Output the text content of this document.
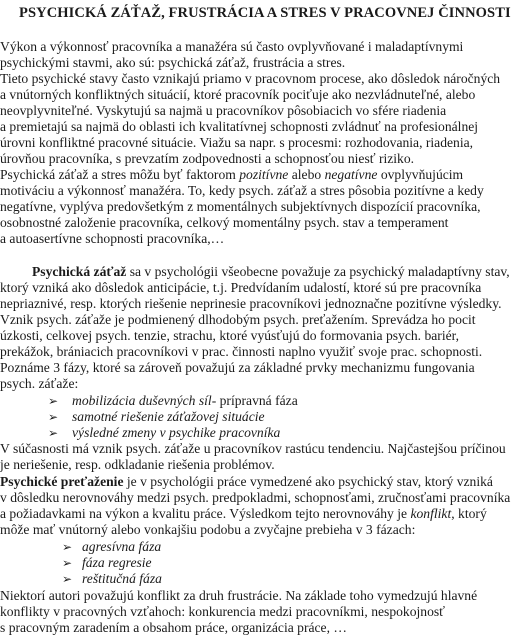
PSYCHICKÁ ZÁŤAŽ, FRUSTRÁCIA A STRES V PRACOVNEJ ČINNOSTI
Výkon a výkonnosť pracovníka a manažéra sú často ovplyvňované i maladaptívnymi
psychickými stavmi, ako sú: psychická záťaž, frustrácia a stres.
Tieto psychické stavy často vznikajú priamo v pracovnom procese, ako dôsledok náročných
a vnútorných konfliktných situácií, ktoré pracovník pociťuje ako nezvládnuteľné, alebo
neovplyvniteľné. Vyskytujú sa najmä u pracovníkov pôsobiacich vo sfére riadenia
a premietajú sa najmä do oblasti ich kvalitatívnej schopnosti zvládnuť na profesionálnej
úrovni konfliktné pracovné situácie. Viažu sa napr. s procesmi: rozhodovania, riadenia,
úrovňou pracovníka, s prevzatím zodpovednosti a schopnosťou niesť riziko.
Psychická záťaž a stres môžu byť faktorom pozitívne alebo negatívne ovplyvňujúcim
motiváciu a výkonnosť manažéra. To, kedy psych. záťaž a stres pôsobia pozitívne a kedy
negatívne, vyplýva predovšetkým z momentálnych subjektívnych dispozícií pracovníka,
osobnostné založenie pracovníka, celkový momentálny psych. stav a temperament
a autoasertívne schopnosti pracovníka,…
Psychická záťaž sa v psychológii všeobecne považuje za psychický maladaptívny stav,
ktorý vzniká ako dôsledok anticipácie, t.j. Predvídaním udalostí, ktoré sú pre pracovníka
nepriaznivé, resp. ktorých riešenie neprinesie pracovníkovi jednoznačne pozitívne výsledky.
Vznik psych. záťaže je podmienený dlhodobým psych. preťažením. Sprevádza ho pocit
úzkosti, celkovej psych. tenzie, strachu, ktoré vyúsťujú do formovania psych. bariér,
prekážok, brániacich pracovníkovi v prac. činnosti naplno využiť svoje prac. schopnosti.
Poznáme 3 fázy, ktoré sa zároveň považujú za základné prvky mechanizmu fungovania
psych. záťaže:
➢ mobilizácia duševných síl- prípravná fáza
➢ samotné riešenie záťažovej situácie
➢ výsledné zmeny v psychike pracovníka
V súčasnosti má vznik psych. záťaže u pracovníkov rastúcu tendenciu. Najčastejšou príčinou
je neriešenie, resp. odkladanie riešenia problémov.
Psychické preťaženie je v psychológii práce vymedzené ako psychický stav, ktorý vzniká
v dôsledku nerovnováhy medzi psych. predpokladmi, schopnosťami, zručnosťami pracovníka
a požiadavkami na výkon a kvalitu práce. Výsledkom tejto nerovnováhy je konflikt, ktorý
môže mať vnútorný alebo vonkajšiu podobu a zvyčajne prebieha v 3 fázach:
➢ agresívna fáza
➢ fáza regresie
➢ reštitučná fáza
Niektorí autori považujú konflikt za druh frustrácie. Na základe toho vymedzujú hlavné
konflikty v pracovných vzťahoch: konkurencia medzi pracovníkmi, nespokojnosť
s pracovným zaradením a obsahom práce, organizácia práce, …
